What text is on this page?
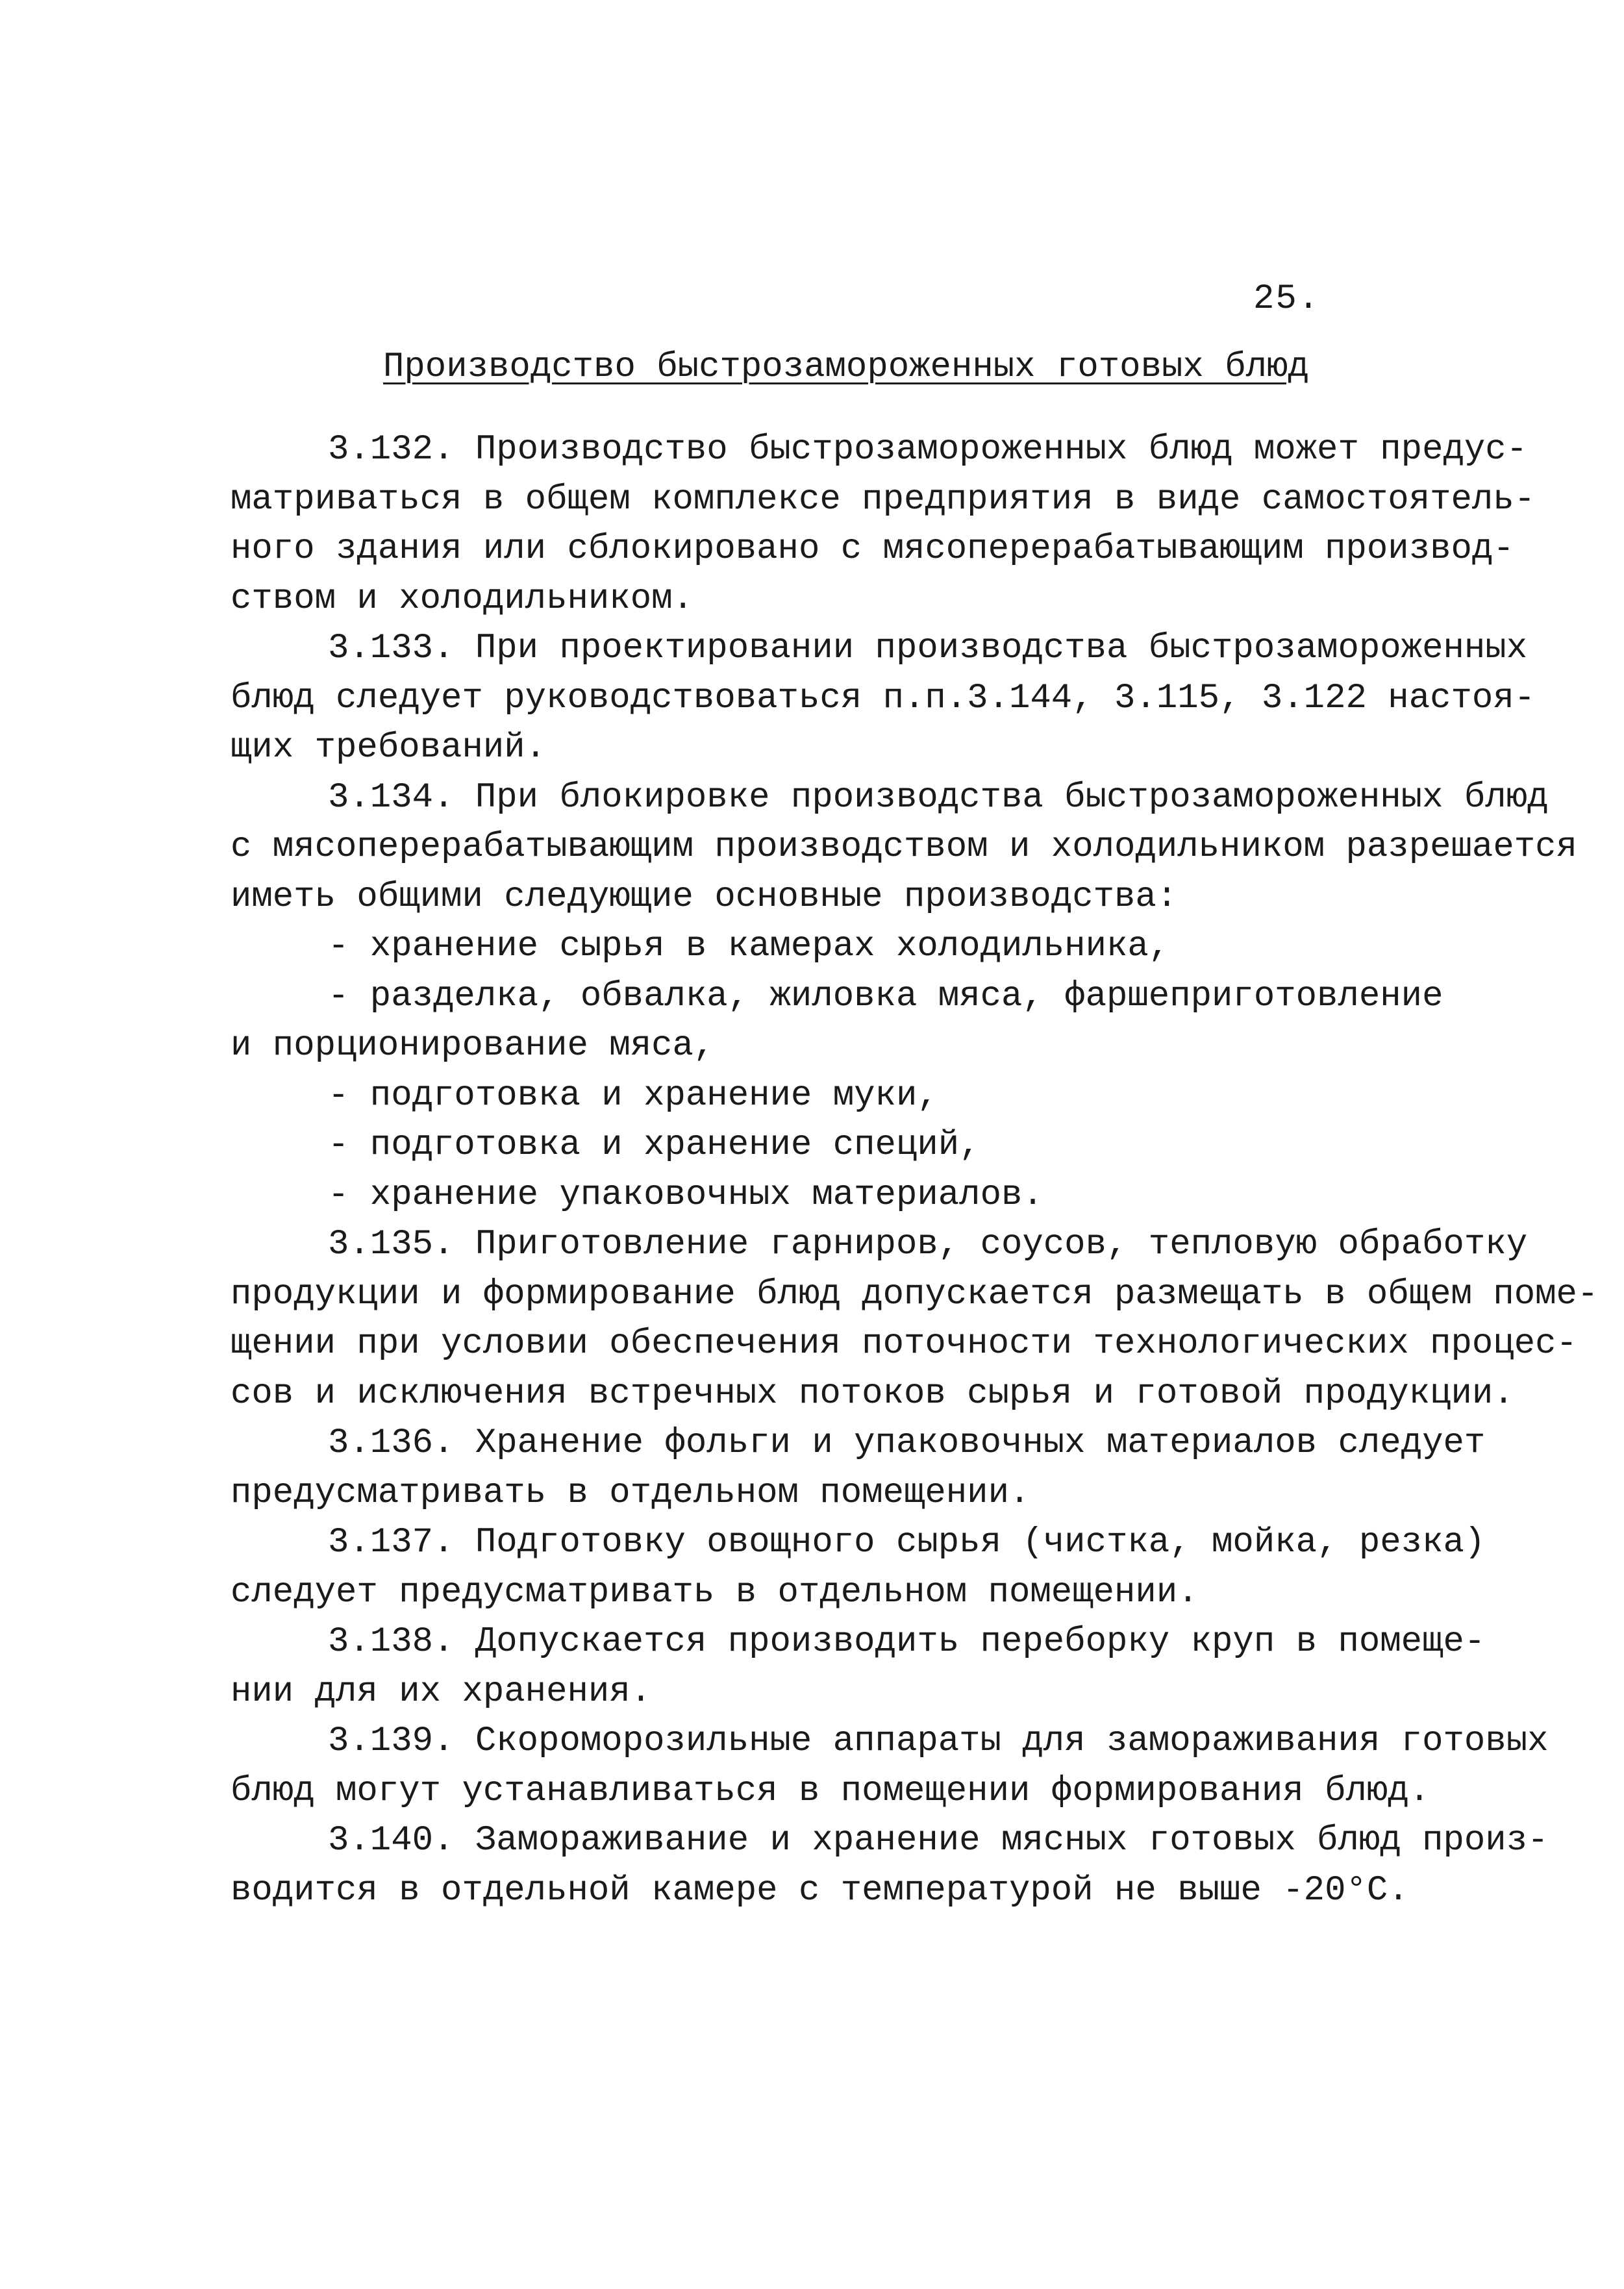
25.
Производство быстрозамороженных готовых блюд
3.132. Производство быстрозамороженных блюд может предус-
матриваться в общем комплексе предприятия в виде самостоятель-
ного здания или сблокировано с мясоперерабатывающим производ-
ством и холодильником.
3.133. При проектировании производства быстрозамороженных
блюд следует руководствоваться п.п.3.144, 3.115, 3.122 настоя-
щих требований.
3.134. При блокировке производства быстрозамороженных блюд
с мясоперерабатывающим производством и холодильником разрешается
иметь общими следующие основные производства:
- хранение сырья в камерах холодильника,
- разделка, обвалка, жиловка мяса, фаршеприготовление
и порционирование мяса,
- подготовка и хранение муки,
- подготовка и хранение специй,
- хранение упаковочных материалов.
3.135. Приготовление гарниров, соусов, тепловую обработку
продукции и формирование блюд допускается размещать в общем поме-
щении при условии обеспечения поточности технологических процес-
сов и исключения встречных потоков сырья и готовой продукции.
3.136. Хранение фольги и упаковочных материалов следует
предусматривать в отдельном помещении.
3.137. Подготовку овощного сырья (чистка, мойка, резка)
следует предусматривать в отдельном помещении.
3.138. Допускается производить переборку круп в помеще-
нии для их хранения.
3.139. Скороморозильные аппараты для замораживания готовых
блюд могут устанавливаться в помещении формирования блюд.
3.140. Замораживание и хранение мясных готовых блюд произ-
водится в отдельной камере с температурой не выше -20°С.
